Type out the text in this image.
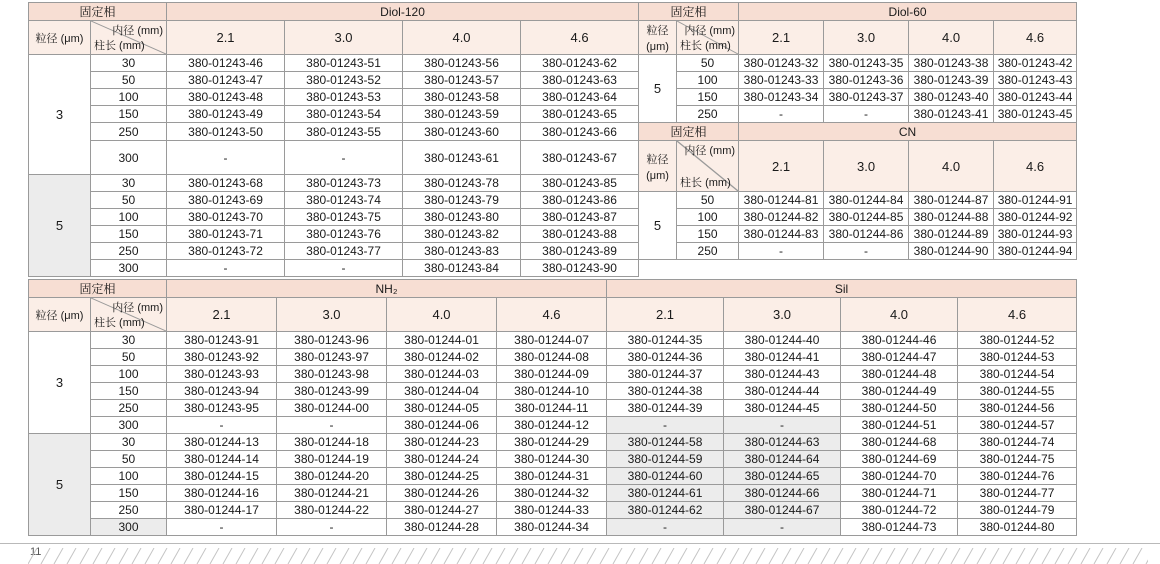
固定相		Diol-120				固定相		Diol-60			
粒径 (μm)	内径 (mm)
柱长 (mm)	2.1	3.0	4.0	4.6	粒径 (μm)	内径 (mm)
柱长 (mm)	2.1	3.0	4.0	4.6
3	30	380-01243-46	380-01243-51	380-01243-56	380-01243-62	5	50	380-01243-32	380-01243-35	380-01243-38	380-01243-42
	50	380-01243-47	380-01243-52	380-01243-57	380-01243-63		100	380-01243-33	380-01243-36	380-01243-39	380-01243-43
	100	380-01243-48	380-01243-53	380-01243-58	380-01243-64		150	380-01243-34	380-01243-37	380-01243-40	380-01243-44
	150	380-01243-49	380-01243-54	380-01243-59	380-01243-65		250	-	-	380-01243-41	380-01243-45
	250	380-01243-50	380-01243-55	380-01243-60	380-01243-66	固定相		CN			
	300	-	-	380-01243-61	380-01243-67	粒径 (μm)	内径 (mm)
柱长 (mm)	2.1	3.0	4.0	4.6
5	30	380-01243-68	380-01243-73	380-01243-78	380-01243-85						
	50	380-01243-69	380-01243-74	380-01243-79	380-01243-86	5	50	380-01244-81	380-01244-84	380-01244-87	380-01244-91
	100	380-01243-70	380-01243-75	380-01243-80	380-01243-87		100	380-01244-82	380-01244-85	380-01244-88	380-01244-92
	150	380-01243-71	380-01243-76	380-01243-82	380-01243-88		150	380-01244-83	380-01244-86	380-01244-89	380-01244-93
	250	380-01243-72	380-01243-77	380-01243-83	380-01243-89		250	-	-	380-01244-90	380-01244-94
	300	-	-	380-01243-84	380-01243-90						
固定相		NH₂				Sil			
粒径 (μm)	内径 (mm)
柱长 (mm)	2.1	3.0	4.0	4.6	2.1	3.0	4.0	4.6
3	30	380-01243-91	380-01243-96	380-01244-01	380-01244-07	380-01244-35	380-01244-40	380-01244-46	380-01244-52
	50	380-01243-92	380-01243-97	380-01244-02	380-01244-08	380-01244-36	380-01244-41	380-01244-47	380-01244-53
	100	380-01243-93	380-01243-98	380-01244-03	380-01244-09	380-01244-37	380-01244-43	380-01244-48	380-01244-54
	150	380-01243-94	380-01243-99	380-01244-04	380-01244-10	380-01244-38	380-01244-44	380-01244-49	380-01244-55
	250	380-01243-95	380-01244-00	380-01244-05	380-01244-11	380-01244-39	380-01244-45	380-01244-50	380-01244-56
	300	-	-	380-01244-06	380-01244-12	-	-	380-01244-51	380-01244-57
5	30	380-01244-13	380-01244-18	380-01244-23	380-01244-29	380-01244-58	380-01244-63	380-01244-68	380-01244-74
	50	380-01244-14	380-01244-19	380-01244-24	380-01244-30	380-01244-59	380-01244-64	380-01244-69	380-01244-75
	100	380-01244-15	380-01244-20	380-01244-25	380-01244-31	380-01244-60	380-01244-65	380-01244-70	380-01244-76
	150	380-01244-16	380-01244-21	380-01244-26	380-01244-32	380-01244-61	380-01244-66	380-01244-71	380-01244-77
	250	380-01244-17	380-01244-22	380-01244-27	380-01244-33	380-01244-62	380-01244-67	380-01244-72	380-01244-79
	300	-	-	380-01244-28	380-01244-34	-	-	380-01244-73	380-01244-80
11
